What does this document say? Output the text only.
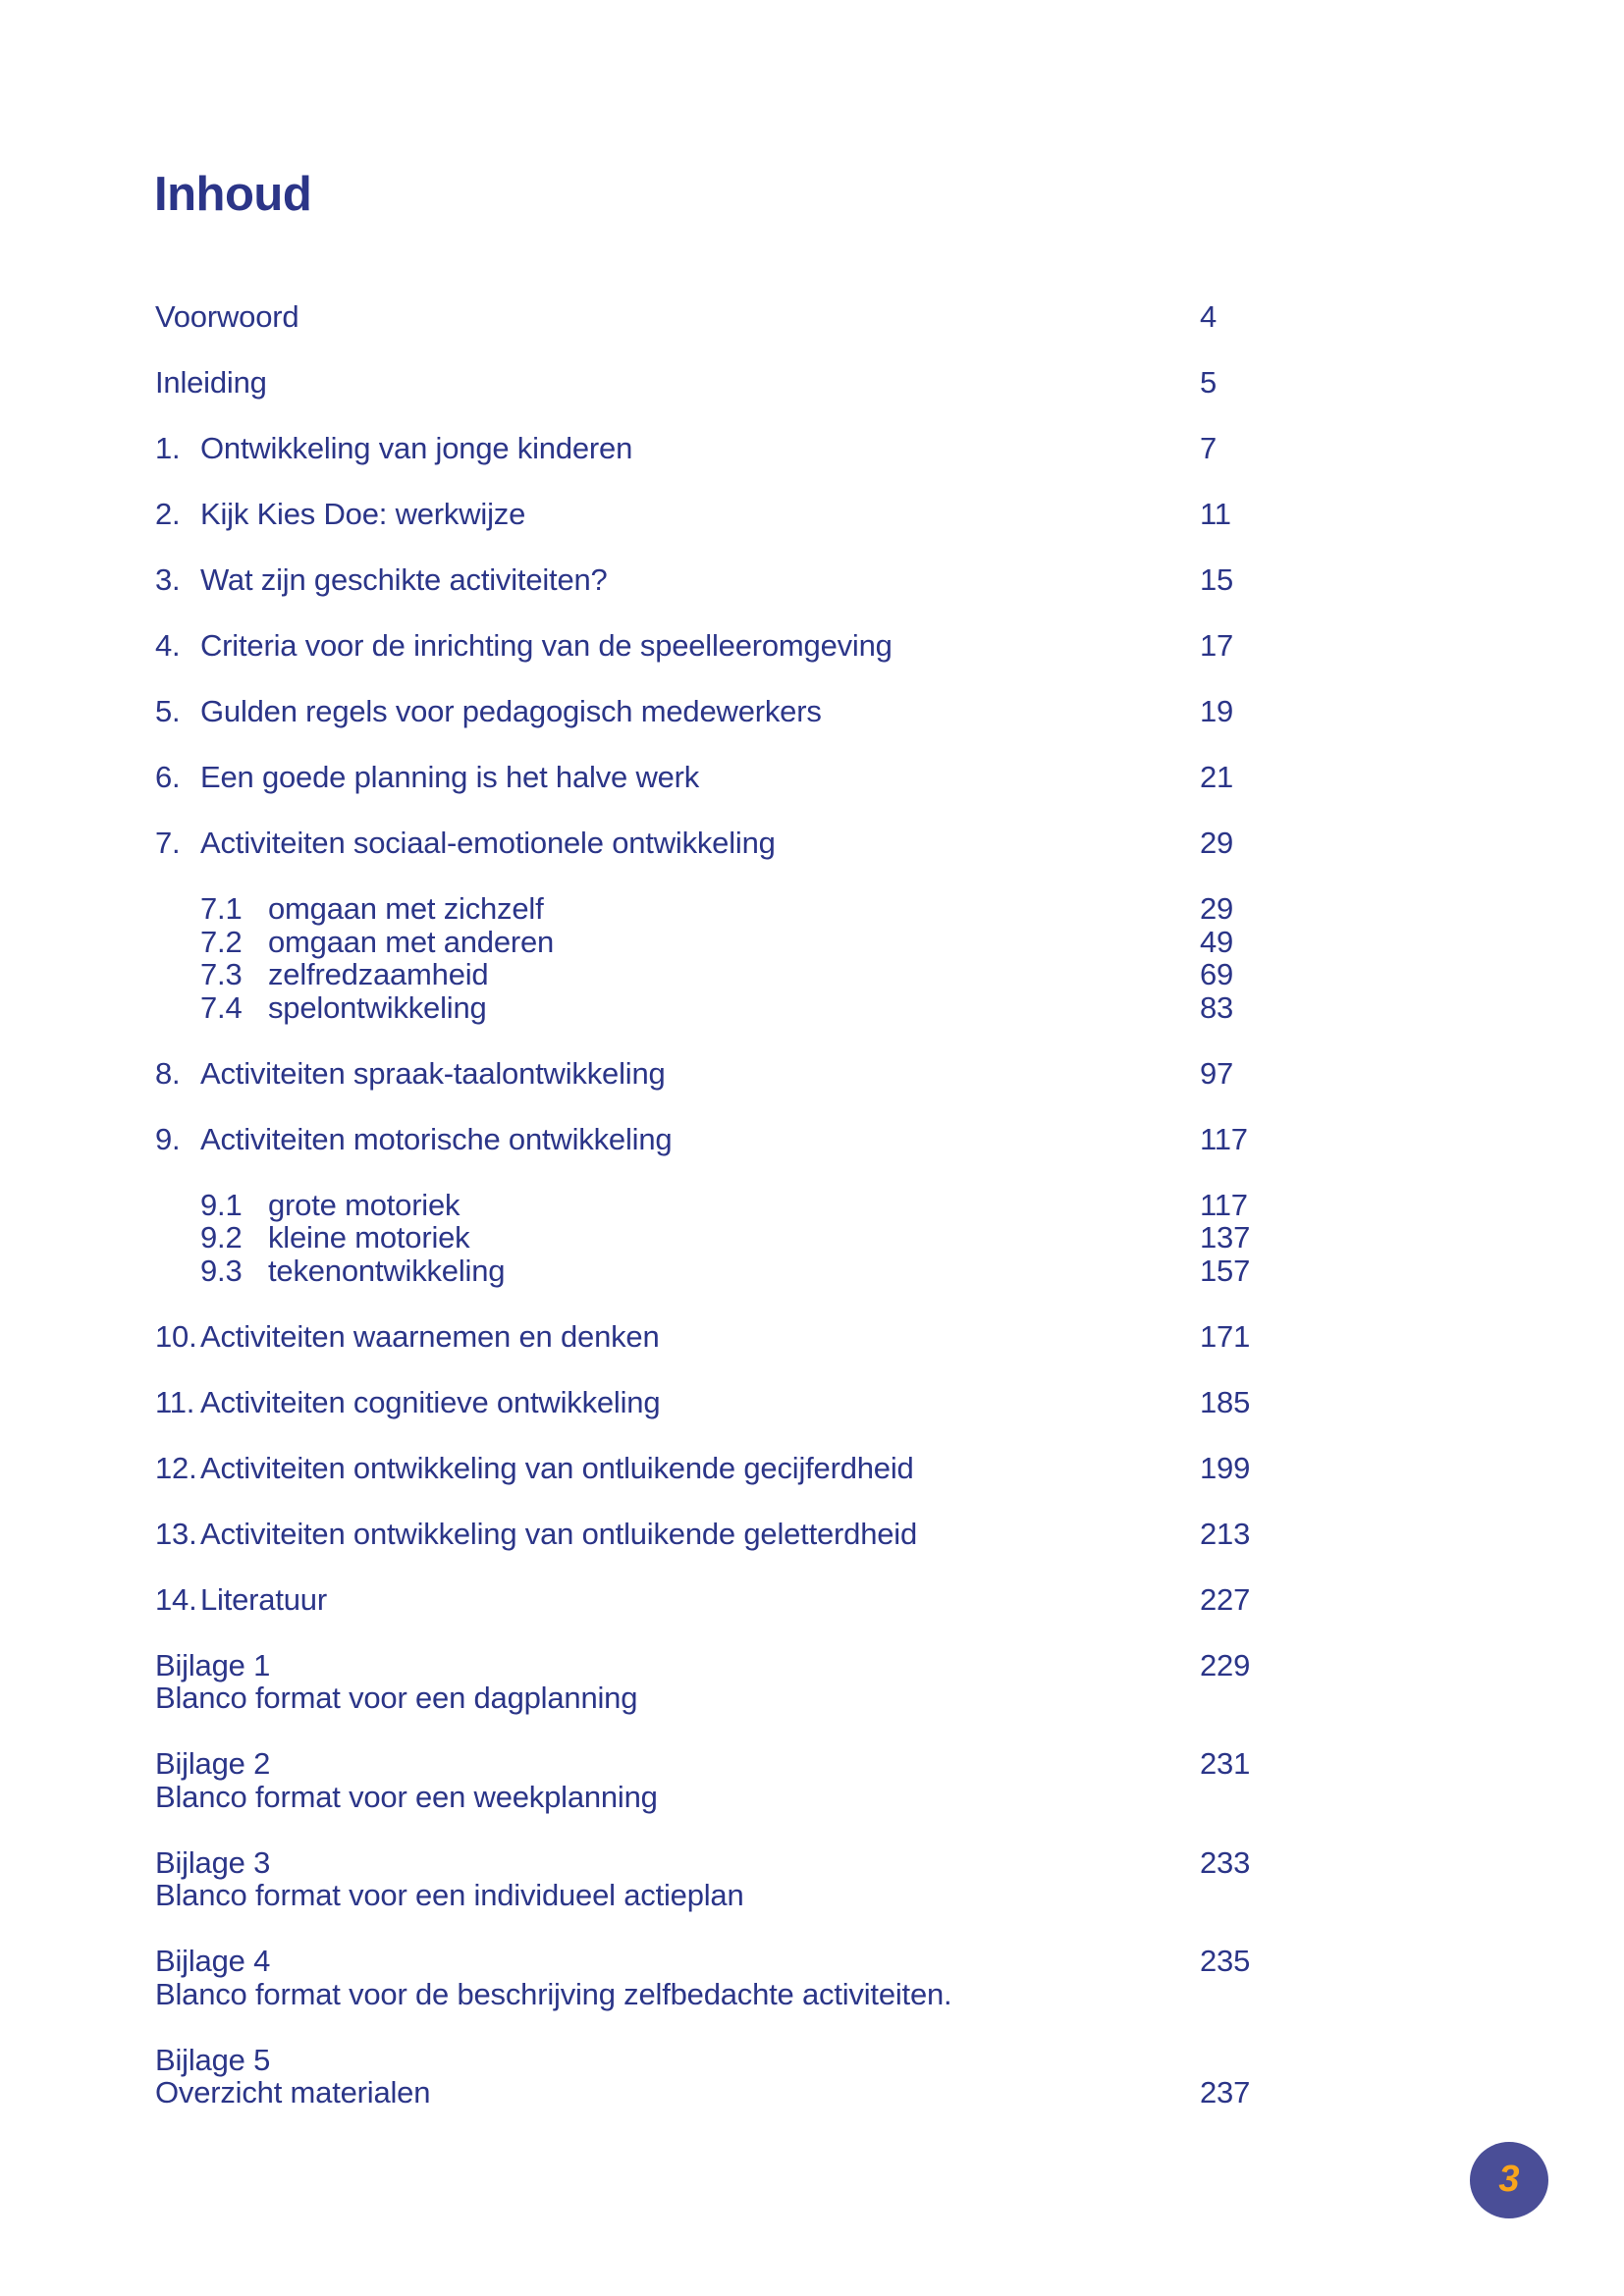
Inhoud
Voorwoord	4
Inleiding	5
1. Ontwikkeling van jonge kinderen	7
2. Kijk Kies Doe: werkwijze	11
3. Wat zijn geschikte activiteiten?	15
4. Criteria voor de inrichting van de speelleeromgeving	17
5. Gulden regels voor pedagogisch medewerkers	19
6. Een goede planning is het halve werk	21
7. Activiteiten sociaal-emotionele ontwikkeling	29
7.1 omgaan met zichzelf	29
7.2 omgaan met anderen	49
7.3 zelfredzaamheid	69
7.4 spelontwikkeling	83
8. Activiteiten spraak-taalontwikkeling	97
9. Activiteiten motorische ontwikkeling	117
9.1 grote motoriek	117
9.2 kleine motoriek	137
9.3 tekenontwikkeling	157
10. Activiteiten waarnemen en denken	171
11. Activiteiten cognitieve ontwikkeling	185
12. Activiteiten ontwikkeling van ontluikende gecijferdheid	199
13. Activiteiten ontwikkeling van ontluikende geletterdheid	213
14. Literatuur	227
Bijlage 1	229
Blanco format voor een dagplanning
Bijlage 2	231
Blanco format voor een weekplanning
Bijlage 3	233
Blanco format voor een individueel actieplan
Bijlage 4	235
Blanco format voor de beschrijving zelfbedachte activiteiten.
Bijlage 5
Overzicht materialen	237
3
